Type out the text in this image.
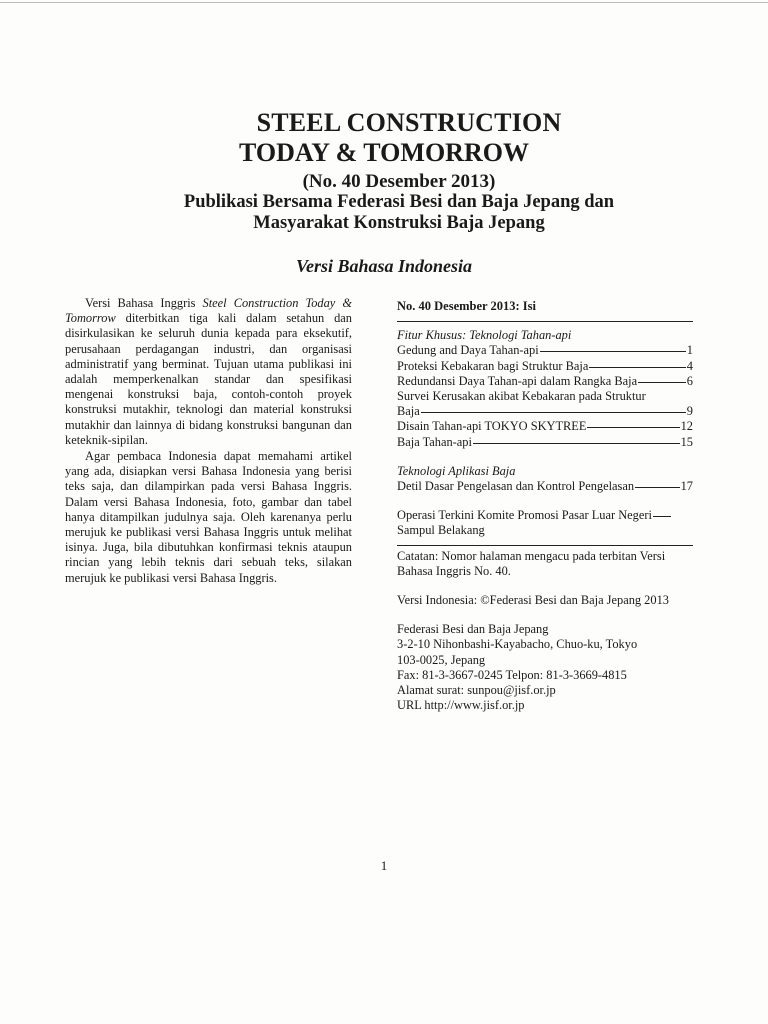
STEEL CONSTRUCTION
TODAY & TOMORROW
(No. 40 Desember 2013)
Publikasi Bersama Federasi Besi dan Baja Jepang dan
Masyarakat Konstruksi Baja Jepang
Versi Bahasa Indonesia

Versi Bahasa Inggris Steel Construction Today & Tomorrow diterbitkan tiga kali dalam setahun dan disirkulasikan ke seluruh dunia kepada para eksekutif, perusahaan perdagangan industri, dan organisasi administratif yang berminat. Tujuan utama publikasi ini adalah memperkenalkan standar dan spesifikasi mengenai konstruksi baja, contoh-contoh proyek konstruksi mutakhir, teknologi dan material konstruksi mutakhir dan lainnya di bidang konstruksi bangunan dan keteknik-sipilan.

Agar pembaca Indonesia dapat memahami artikel yang ada, disiapkan versi Bahasa Indonesia yang berisi teks saja, dan dilampirkan pada versi Bahasa Inggris. Dalam versi Bahasa Indonesia, foto, gambar dan tabel hanya ditampilkan judulnya saja. Oleh karenanya perlu merujuk ke publikasi versi Bahasa Inggris untuk melihat isinya. Juga, bila dibutuhkan konfirmasi teknis ataupun rincian yang lebih teknis dari sebuah teks, silakan merujuk ke publikasi versi Bahasa Inggris.

No. 40 Desember 2013: Isi
Fitur Khusus: Teknologi Tahan-api
Gedung and Daya Tahan-api	1
Proteksi Kebakaran bagi Struktur Baja	4
Redundansi Daya Tahan-api dalam Rangka Baja	6
Survei Kerusakan akibat Kebakaran pada Struktur
Baja	9
Disain Tahan-api TOKYO SKYTREE	12
Baja Tahan-api	15
Teknologi Aplikasi Baja
Detil Dasar Pengelasan dan Kontrol Pengelasan	17
Operasi Terkini Komite Promosi Pasar Luar Negeri
Sampul Belakang
Catatan: Nomor halaman mengacu pada terbitan Versi Bahasa Inggris No. 40.
Versi Indonesia: ©Federasi Besi dan Baja Jepang 2013
Federasi Besi dan Baja Jepang
3-2-10 Nihonbashi-Kayabacho, Chuo-ku, Tokyo
103-0025, Jepang
Fax: 81-3-3667-0245 Telpon: 81-3-3669-4815
Alamat surat: sunpou@jisf.or.jp
URL http://www.jisf.or.jp
1
